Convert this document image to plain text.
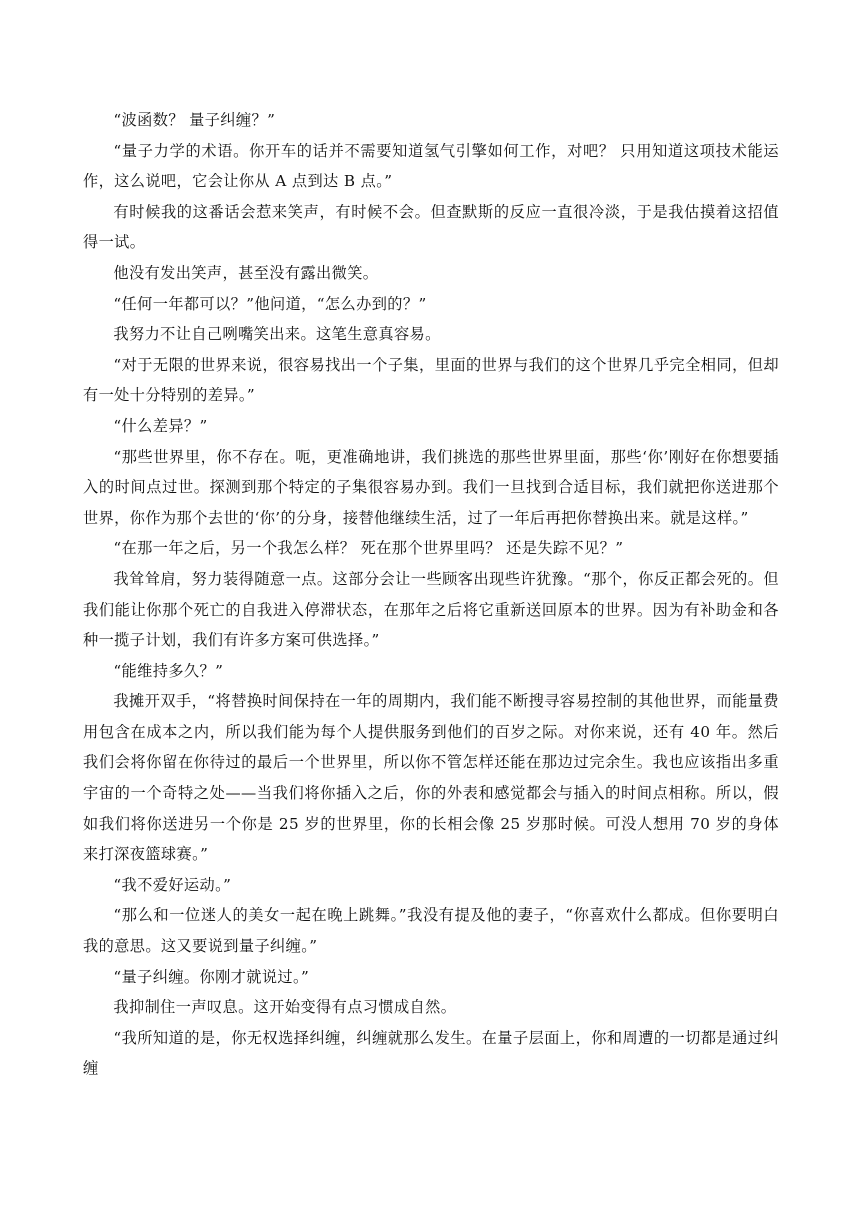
“波函数？ 量子纠缠？”

“量子力学的术语。你开车的话并不需要知道氢气引擎如何工作，对吧？ 只用知道这项技术能运作，这么说吧，它会让你从 A 点到达 B 点。”

有时候我的这番话会惹来笑声，有时候不会。但查默斯的反应一直很冷淡，于是我估摸着这招值得一试。

他没有发出笑声，甚至没有露出微笑。

“任何一年都可以？”他问道，“怎么办到的？”

我努力不让自己咧嘴笑出来。这笔生意真容易。

“对于无限的世界来说，很容易找出一个子集，里面的世界与我们的这个世界几乎完全相同，但却有一处十分特别的差异。”

“什么差异？”

“那些世界里，你不存在。呃，更准确地讲，我们挑选的那些世界里面，那些‘你’刚好在你想要插入的时间点过世。探测到那个特定的子集很容易办到。我们一旦找到合适目标，我们就把你送进那个世界，你作为那个去世的‘你’的分身，接替他继续生活，过了一年后再把你替换出来。就是这样。”

“在那一年之后，另一个我怎么样？ 死在那个世界里吗？ 还是失踪不见？”

我耸耸肩，努力装得随意一点。这部分会让一些顾客出现些许犹豫。“那个，你反正都会死的。但我们能让你那个死亡的自我进入停滞状态，在那年之后将它重新送回原本的世界。因为有补助金和各种一揽子计划，我们有许多方案可供选择。”

“能维持多久？”

我摊开双手，“将替换时间保持在一年的周期内，我们能不断搜寻容易控制的其他世界，而能量费用包含在成本之内，所以我们能为每个人提供服务到他们的百岁之际。对你来说，还有 40 年。然后我们会将你留在你待过的最后一个世界里，所以你不管怎样还能在那边过完余生。我也应该指出多重宇宙的一个奇特之处——当我们将你插入之后，你的外表和感觉都会与插入的时间点相称。所以，假如我们将你送进另一个你是 25 岁的世界里，你的长相会像 25 岁那时候。可没人想用 70 岁的身体来打深夜篮球赛。”

“我不爱好运动。”

“那么和一位迷人的美女一起在晚上跳舞。”我没有提及他的妻子，“你喜欢什么都成。但你要明白我的意思。这又要说到量子纠缠。”

“量子纠缠。你刚才就说过。”

我抑制住一声叹息。这开始变得有点习惯成自然。

“我所知道的是，你无权选择纠缠，纠缠就那么发生。在量子层面上，你和周遭的一切都是通过纠缠
